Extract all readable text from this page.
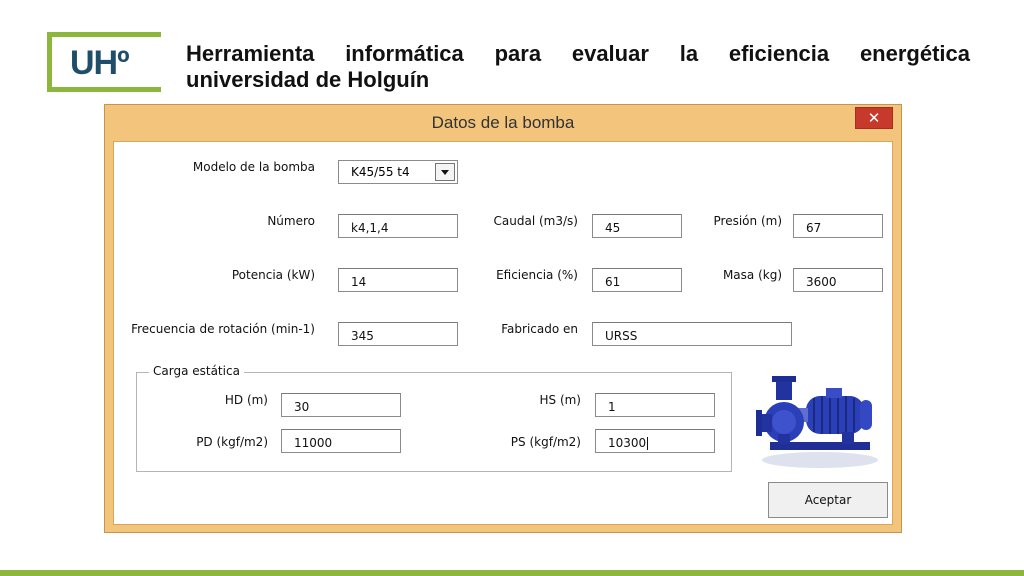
UHº	Herramienta informática para evaluar la eficiencia energética
universidad de Holguín
Datos de la bomba	✕
Modelo de la bomba	K45/55 t4
Número	k4,1,4	Caudal (m3/s)	45	Presión (m)	67
Potencia (kW)	14	Eficiencia (%)	61	Masa (kg)	3600
Frecuencia de rotación (min-1)	345	Fabricado en	URSS
Carga estática
HD (m)	30	HS (m)	1
PD (kgf/m2)	11000	PS (kgf/m2)	10300
Aceptar
